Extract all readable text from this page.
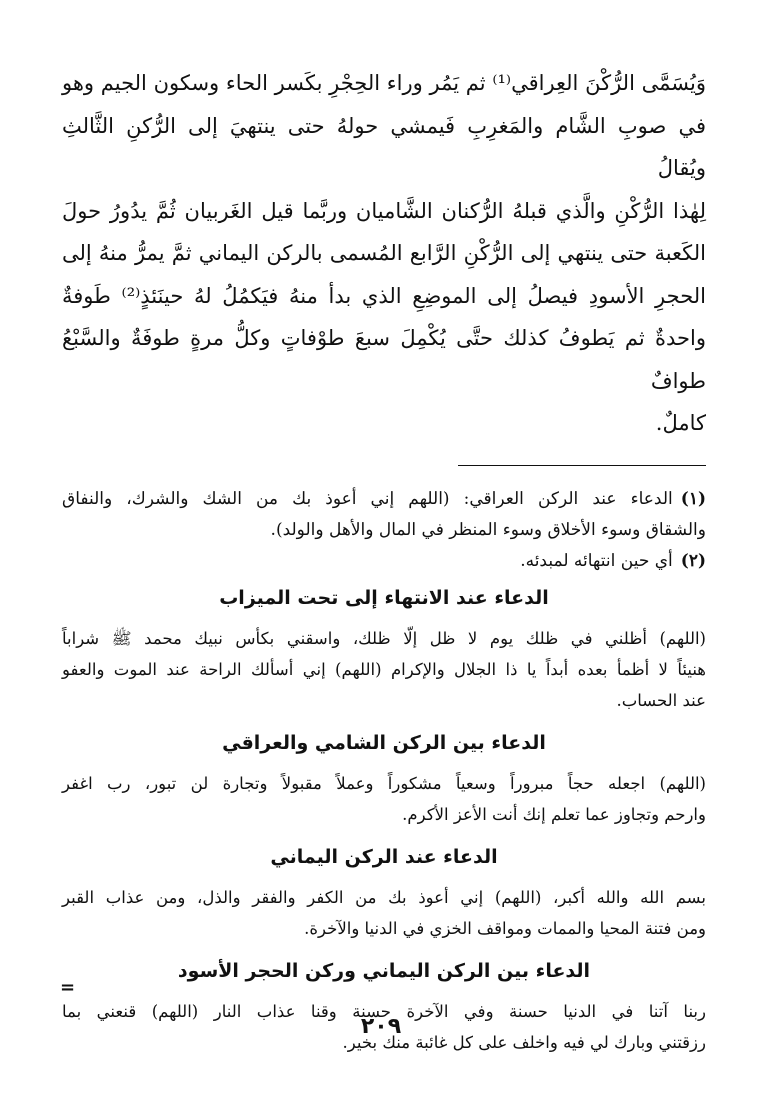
وَيُسَمَّى الرُّكْنَ العِراقي⁽¹⁾ ثم يَمُر وراء الحِجْرِ بكَسر الحاء وسكون الجيم وهو
في صوبِ الشَّام والمَغرِبِ فَيمشي حولهُ حتى ينتهيَ إلى الرُّكنِ الثَّالثِ ويُقالُ
لِهٰذا الرُّكْنِ والَّذي قبلهُ الرُّكنان الشَّاميان وربَّما قيل الغَربيان ثُمَّ يدُورُ حولَ
الكَعبة حتى ينتهي إلى الرُّكْنِ الرَّابع المُسمى بالركن اليماني ثمَّ يمرُّ منهُ إلى
الحجرِ الأسودِ فيصلُ إلى الموضِعِ الذي بدأ منهُ فيَكمُلُ لهُ حينَئذٍ⁽²⁾ طَوفةٌ
واحدةٌ ثم يَطوفُ كذلك حتَّى يُكْمِلَ سبعَ طوْفاتٍ وكلُّ مرةٍ طوفَةٌ والسَّبْعُ طوافٌ
كاملٌ.

(١)الدعاء عند الركن العراقي: (اللهم إني أعوذ بك من الشك والشرك، والنفاق
والشقاق وسوء الأخلاق وسوء المنظر في المال والأهل والولد).

(٢)أي حين انتهائه لمبدئه.

الدعاء عند الانتهاء إلى تحت الميزاب

(اللهم) أظلني في ظلك يوم لا ظل إلّا ظلك، واسقني بكأس نبيك محمد ﷺ شراباً
هنيئاً لا أظمأ بعده أبداً يا ذا الجلال والإكرام (اللهم) إني أسألك الراحة عند الموت والعفو
عند الحساب.

الدعاء بين الركن الشامي والعراقي

(اللهم) اجعله حجاً مبروراً وسعياً مشكوراً وعملاً مقبولاً وتجارة لن تبور، رب اغفر
وارحم وتجاوز عما تعلم إنك أنت الأعز الأكرم.

الدعاء عند الركن اليماني

بسم الله والله أكبر، (اللهم) إني أعوذ بك من الكفر والفقر والذل، ومن عذاب القبر
ومن فتنة المحيا والممات ومواقف الخزي في الدنيا والآخرة.

الدعاء بين الركن اليماني وركن الحجر الأسود

ربنا آتنا في الدنيا حسنة وفي الآخرة حسنة وقنا عذاب النار (اللهم) قنعني بما
رزقتني وبارك لي فيه واخلف على كل غائبة منك بخير.

=
٢٠٩
